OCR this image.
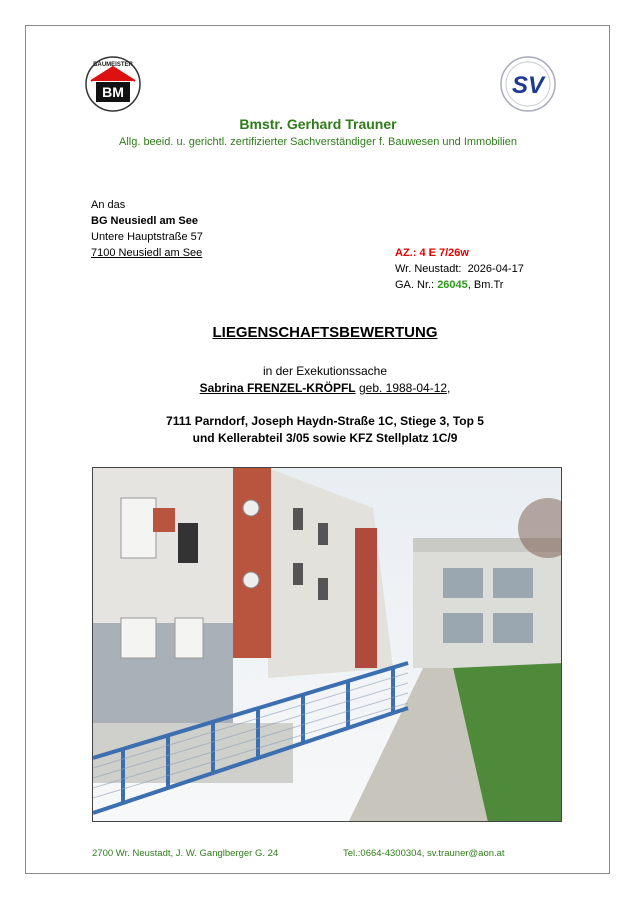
BM
BAUMEISTER
SV
Bmstr. Gerhard Trauner
Allg. beeid. u. gerichtl. zertifizierter Sachverständiger f. Bauwesen und Immobilien
An das
BG Neusiedl am See
Untere Hauptstraße 57
7100 Neusiedl am See	AZ.: 4 E 7/26w
Wr. Neustadt: 2026-04-17
GA. Nr.: 26045, Bm.Tr
LIEGENSCHAFTSBEWERTUNG
in der Exekutionssache
Sabrina FRENZEL-KRÖPFL geb. 1988-04-12,
7111 Parndorf, Joseph Haydn-Straße 1C, Stiege 3, Top 5
und Kellerabteil 3/05 sowie KFZ Stellplatz 1C/9
2700 Wr. Neustadt, J. W. Ganglberger G. 24	Tel.:0664-4300304, sv.trauner@aon.at
